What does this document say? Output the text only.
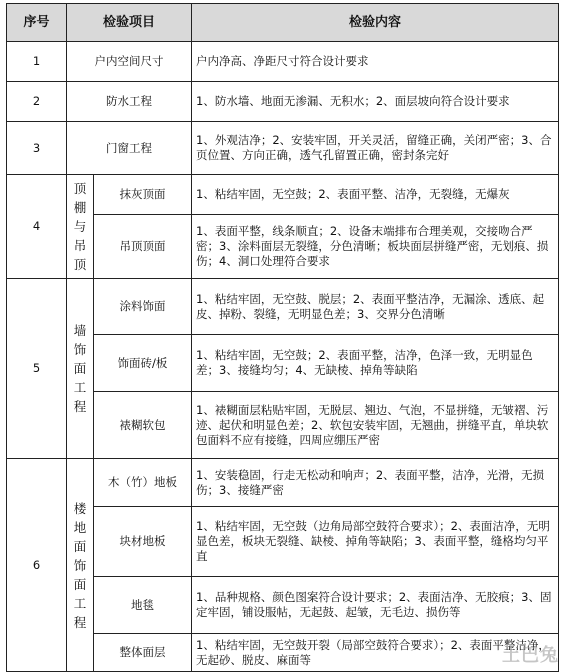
序号	检验项目		检验内容
1	户内空间尺寸		户内净高、净距尺寸符合设计要求
2	防水工程		1、防水墙、地面无渗漏、无积水；2、面层坡向符合设计要求
3	门窗工程		1、外观洁净；2、安装牢固，开关灵活，留缝正确，关闭严密；3、合页位置、方向正确，透气孔留置正确，密封条完好
4	顶棚与吊顶	抹灰顶面	1、粘结牢固，无空鼓；2、表面平整、洁净，无裂缝，无爆灰
		吊顶顶面	1、表面平整，线条顺直；2、设备末端排布合理美观，交接吻合严密；3、涂料面层无裂缝，分色清晰；板块面层拼缝严密，无划痕、损伤；4、洞口处理符合要求
5	墙饰面工程	涂料饰面	1、粘结牢固，无空鼓、脱层；2、表面平整洁净，无漏涂、透底、起皮、掉粉、裂缝，无明显色差；3、交界分色清晰
		饰面砖/板	1、粘结牢固，无空鼓；2、表面平整，洁净，色泽一致，无明显色差；3、接缝均匀；4、无缺棱、掉角等缺陷
		裱糊软包	1、裱糊面层粘贴牢固，无脱层、翘边、气泡，不显拼缝，无皱褶、污迹、起伏和明显色差；2、软包安装牢固，无翘曲，拼缝平直，单块软包面料不应有接缝，四周应绷压严密
6	楼地面饰面工程	木（竹）地板	1、安装稳固，行走无松动和响声；2、表面平整，洁净，光滑，无损伤；3、接缝严密
		块材地板	1、粘结牢固，无空鼓（边角局部空鼓符合要求）；2、表面洁净，无明显色差，板块无裂缝、缺棱、掉角等缺陷；3、表面平整，缝格均匀平直
		地毯	1、品种规格、颜色图案符合设计要求；2、表面洁净、无胶痕；3、固定牢固，铺设服帖，无起鼓、起皱，无毛边、损伤等
		整体面层	1、粘结牢固，无空鼓开裂（局部空鼓符合要求）；2、表面平整洁净，无起砂、脱皮、麻面等	土巴兔
